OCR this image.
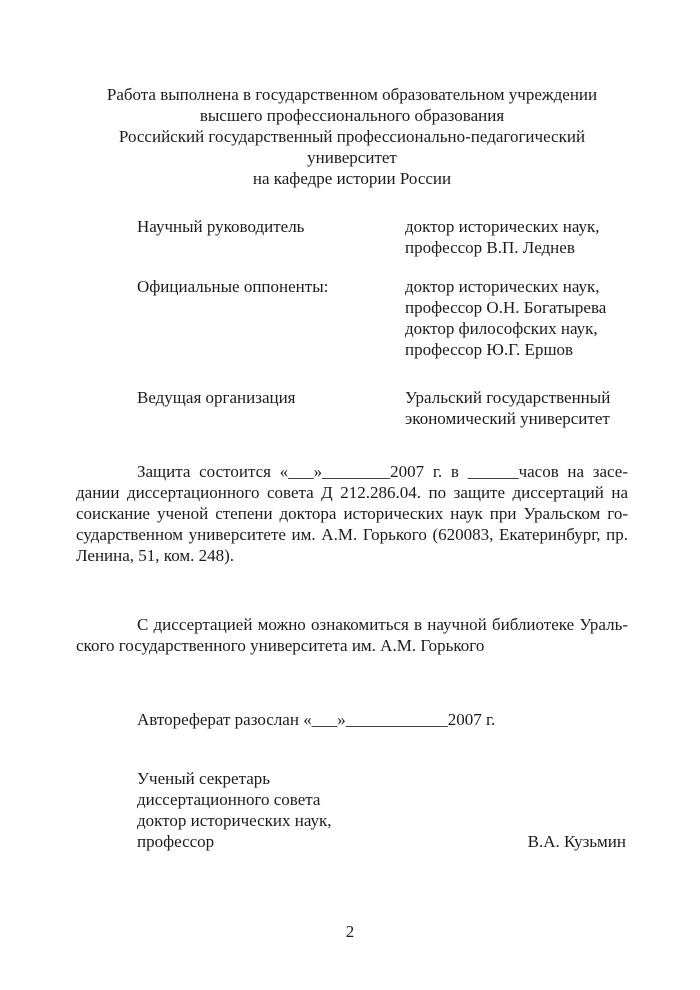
Работа выполнена в государственном образовательном учреждении
высшего профессионального образования
Российский государственный профессионально-педагогический
университет
на кафедре истории России
Научный руководитель	доктор исторических наук,
профессор В.П. Леднев
Официальные оппоненты:	доктор исторических наук,
профессор О.Н. Богатырева
доктор философских наук,
профессор Ю.Г. Ершов
Ведущая организация	Уральский государственный
экономический университет
Защита состоится «___»________2007 г. в ______часов на засе-
дании диссертационного совета Д 212.286.04. по защите диссертаций на
соискание ученой степени доктора исторических наук при Уральском го-
сударственном университете им. А.М. Горького (620083, Екатеринбург, пр.
Ленина, 51, ком. 248).
С диссертацией можно ознакомиться в научной библиотеке Ураль-
ского государственного университета им. А.М. Горького
Автореферат разослан «___»____________2007 г.
Ученый секретарь
диссертационного совета
доктор исторических наук,
профессор	В.А. Кузьмин
2
